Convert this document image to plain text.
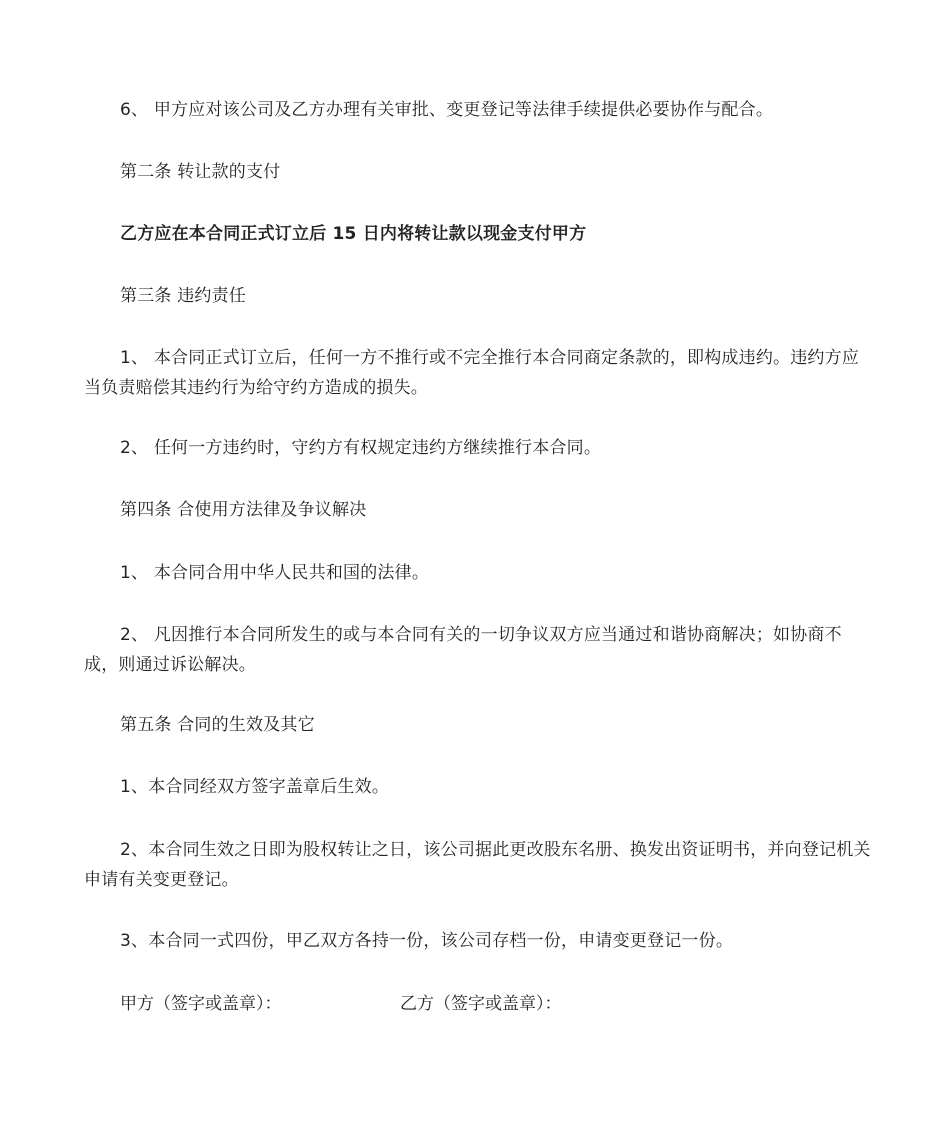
6、 甲方应对该公司及乙方办理有关审批、变更登记等法律手续提供必要协作与配合。

第二条 转让款的支付

乙方应在本合同正式订立后 15 日内将转让款以现金支付甲方

第三条 违约责任

1、 本合同正式订立后，任何一方不推行或不完全推行本合同商定条款的，即构成违约。违约方应当负责赔偿其违约行为给守约方造成的损失。

2、 任何一方违约时，守约方有权规定违约方继续推行本合同。

第四条 合使用方法律及争议解决

1、 本合同合用中华人民共和国的法律。

2、 凡因推行本合同所发生的或与本合同有关的一切争议双方应当通过和谐协商解决；如协商不成，则通过诉讼解决。

第五条 合同的生效及其它

1、本合同经双方签字盖章后生效。

2、本合同生效之日即为股权转让之日，该公司据此更改股东名册、换发出资证明书，并向登记机关申请有关变更登记。

3、本合同一式四份，甲乙双方各持一份，该公司存档一份，申请变更登记一份。

甲方（签字或盖章）：	乙方（签字或盖章）：
